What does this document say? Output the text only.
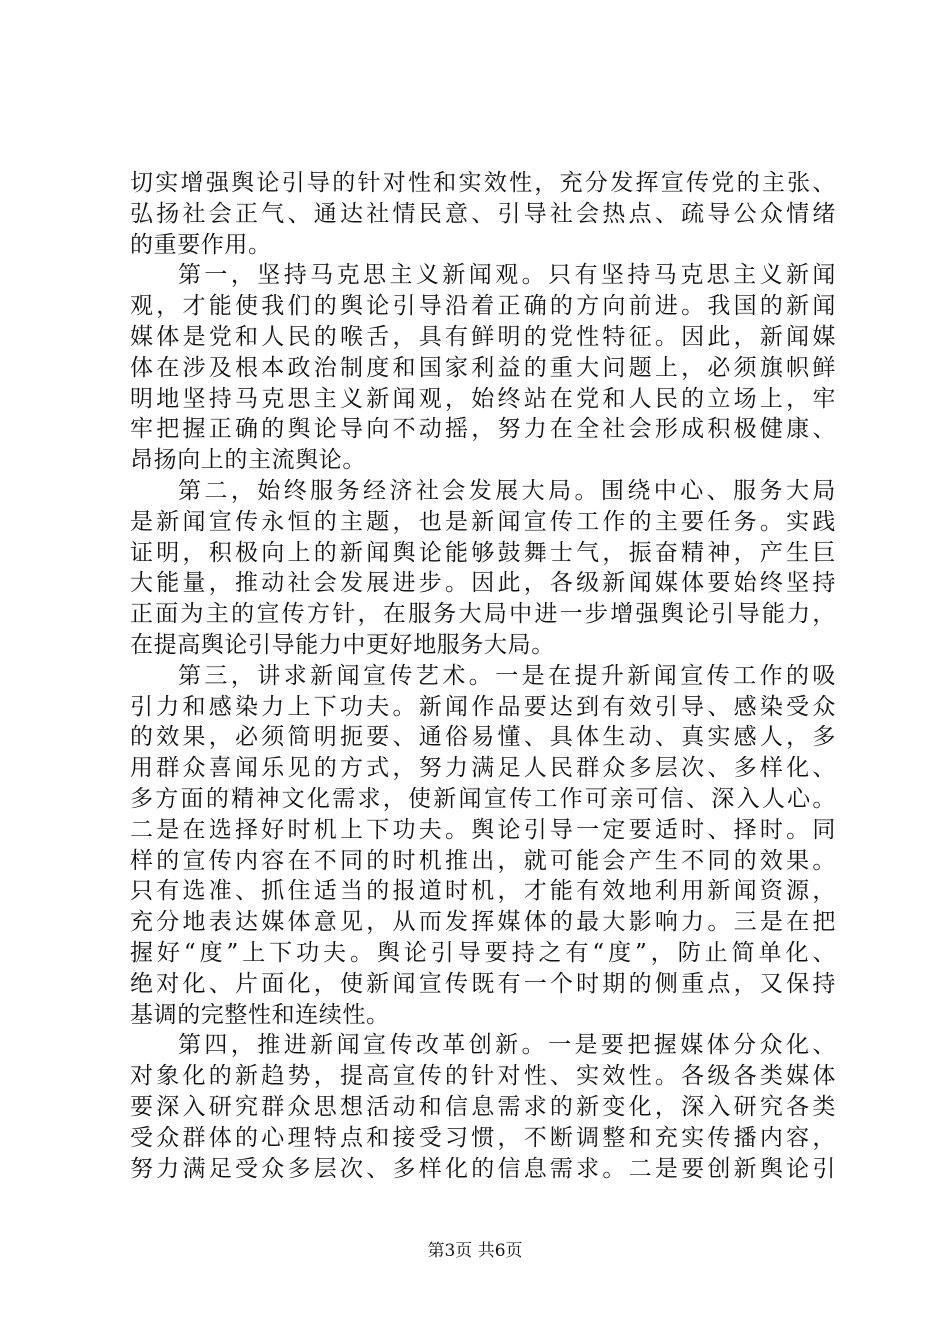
切实增强舆论引导的针对性和实效性，充分发挥宣传党的主张、
弘扬社会正气、通达社情民意、引导社会热点、疏导公众情绪
的重要作用。
第一，坚持马克思主义新闻观。只有坚持马克思主义新闻
观，才能使我们的舆论引导沿着正确的方向前进。我国的新闻
媒体是党和人民的喉舌，具有鲜明的党性特征。因此，新闻媒
体在涉及根本政治制度和国家利益的重大问题上，必须旗帜鲜
明地坚持马克思主义新闻观，始终站在党和人民的立场上，牢
牢把握正确的舆论导向不动摇，努力在全社会形成积极健康、
昂扬向上的主流舆论。
第二，始终服务经济社会发展大局。围绕中心、服务大局
是新闻宣传永恒的主题，也是新闻宣传工作的主要任务。实践
证明，积极向上的新闻舆论能够鼓舞士气，振奋精神，产生巨
大能量，推动社会发展进步。因此，各级新闻媒体要始终坚持
正面为主的宣传方针，在服务大局中进一步增强舆论引导能力，
在提高舆论引导能力中更好地服务大局。
第三，讲求新闻宣传艺术。一是在提升新闻宣传工作的吸
引力和感染力上下功夫。新闻作品要达到有效引导、感染受众
的效果，必须简明扼要、通俗易懂、具体生动、真实感人，多
用群众喜闻乐见的方式，努力满足人民群众多层次、多样化、
多方面的精神文化需求，使新闻宣传工作可亲可信、深入人心。
二是在选择好时机上下功夫。舆论引导一定要适时、择时。同
样的宣传内容在不同的时机推出，就可能会产生不同的效果。
只有选准、抓住适当的报道时机，才能有效地利用新闻资源，
充分地表达媒体意见，从而发挥媒体的最大影响力。三是在把
握好“度”上下功夫。舆论引导要持之有“度”，防止简单化、
绝对化、片面化，使新闻宣传既有一个时期的侧重点，又保持
基调的完整性和连续性。
第四，推进新闻宣传改革创新。一是要把握媒体分众化、
对象化的新趋势，提高宣传的针对性、实效性。各级各类媒体
要深入研究群众思想活动和信息需求的新变化，深入研究各类
受众群体的心理特点和接受习惯，不断调整和充实传播内容，
努力满足受众多层次、多样化的信息需求。二是要创新舆论引
第3页 共6页
